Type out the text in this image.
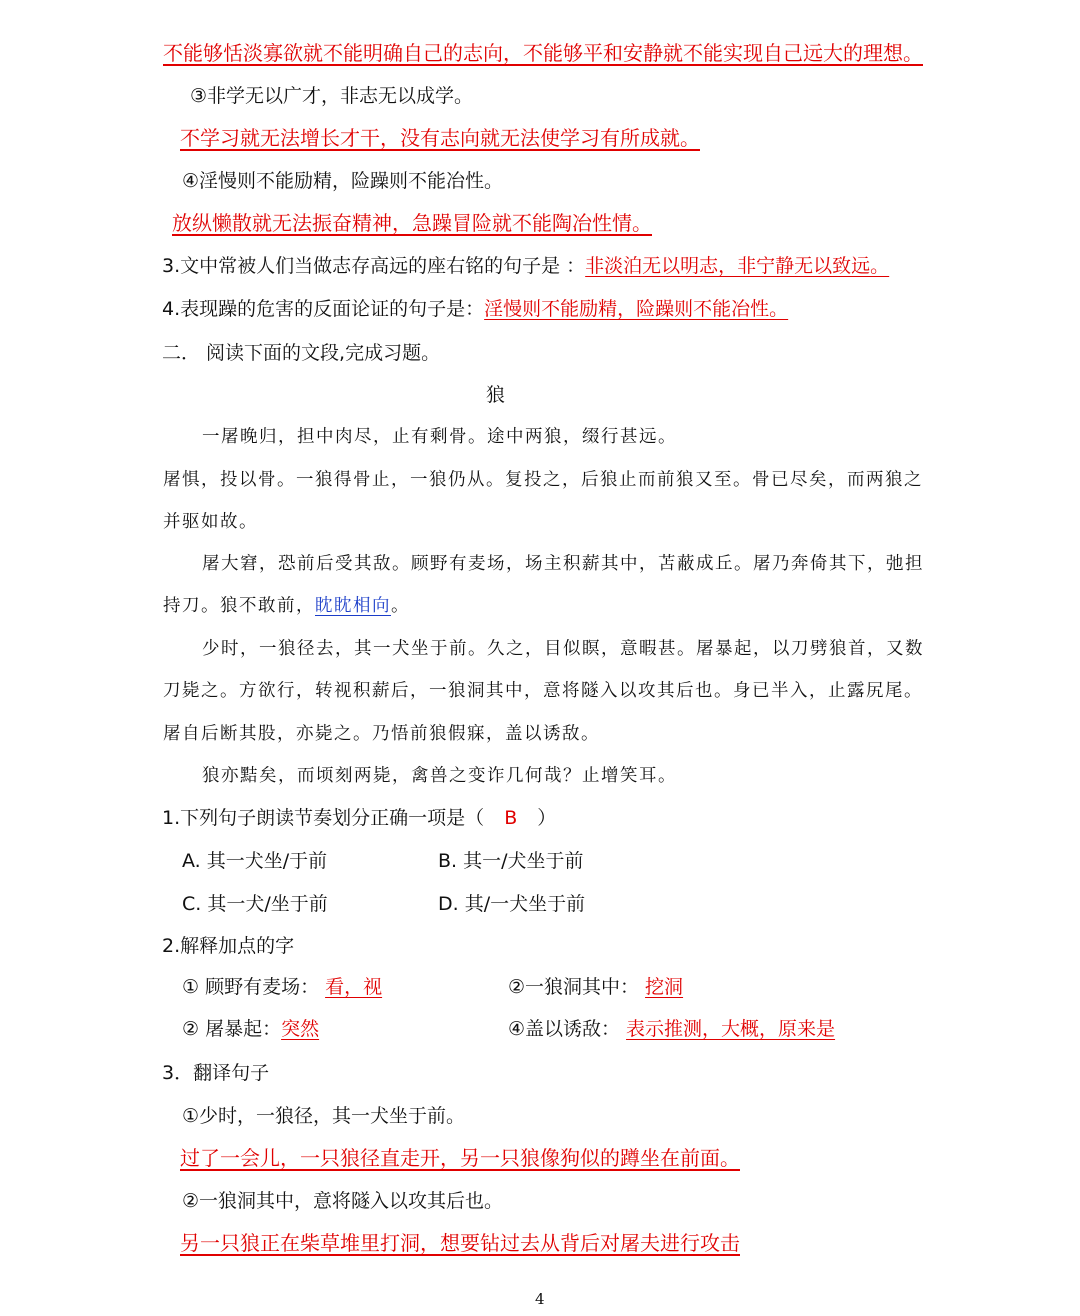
不能够恬淡寡欲就不能明确自己的志向，不能够平和安静就不能实现自己远大的理想。
③非学无以广才，非志无以成学。
不学习就无法增长才干，没有志向就无法使学习有所成就。
④淫慢则不能励精，险躁则不能冶性。
放纵懒散就无法振奋精神，急躁冒险就不能陶冶性情。
3.文中常被人们当做志存高远的座右铭的句子是 ：非淡泊无以明志，非宁静无以致远。
4.表现躁的危害的反面论证的句子是：淫慢则不能励精，险躁则不能冶性。
二． 阅读下面的文段,完成习题。
狼
一屠晚归，担中肉尽，止有剩骨。途中两狼，缀行甚远。
屠惧，投以骨。一狼得骨止，一狼仍从。复投之，后狼止而前狼又至。骨已尽矣，而两狼之
并驱如故。
屠大窘，恐前后受其敌。顾野有麦场，场主积薪其中，苫蔽成丘。屠乃奔倚其下，弛担
持刀。狼不敢前，眈眈相向。
少时，一狼径去，其一犬坐于前。久之，目似瞑，意暇甚。屠暴起，以刀劈狼首，又数
刀毙之。方欲行，转视积薪后，一狼洞其中，意将隧入以攻其后也。身已半入，止露尻尾。
屠自后断其股，亦毙之。乃悟前狼假寐，盖以诱敌。
狼亦黠矣，而顷刻两毙，禽兽之变诈几何哉？止增笑耳。
1.下列句子朗读节奏划分正确一项是（ B ）
A. 其一犬坐/于前	B. 其一/犬坐于前
C. 其一犬/坐于前	D. 其/一犬坐于前
2.解释加点的字
① 顾野有麦场： 看，视	②一狼洞其中： 挖洞
② 屠暴起：突然	④盖以诱敌： 表示推测，大概，原来是
3．翻译句子
①少时，一狼径，其一犬坐于前。
过了一会儿，一只狼径直走开，另一只狼像狗似的蹲坐在前面。
②一狼洞其中，意将隧入以攻其后也。
另一只狼正在柴草堆里打洞，想要钻过去从背后对屠夫进行攻击
4
